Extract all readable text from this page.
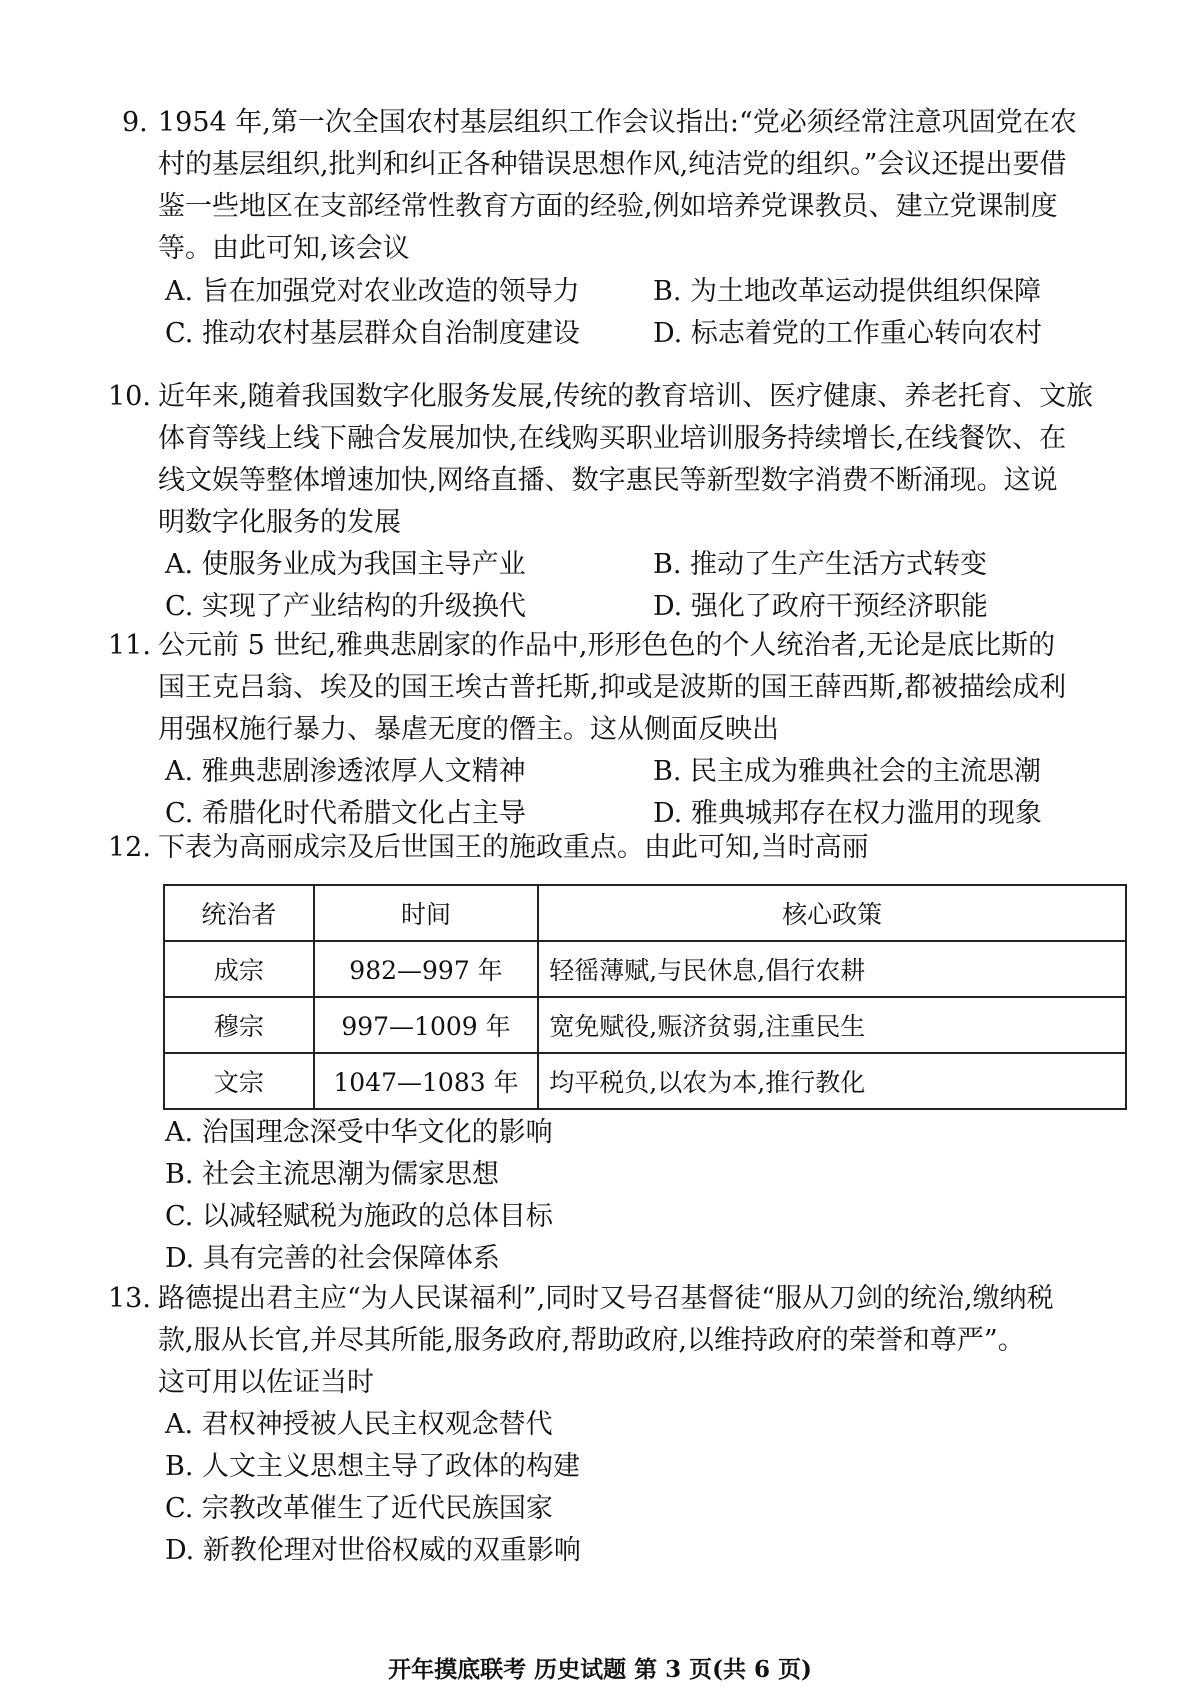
9. 1954 年,第一次全国农村基层组织工作会议指出:“党必须经常注意巩固党在农
村的基层组织,批判和纠正各种错误思想作风,纯洁党的组织。”会议还提出要借
鉴一些地区在支部经常性教育方面的经验,例如培养党课教员、建立党课制度
等。由此可知,该会议
A. 旨在加强党对农业改造的领导力	B. 为土地改革运动提供组织保障
C. 推动农村基层群众自治制度建设	D. 标志着党的工作重心转向农村
10. 近年来,随着我国数字化服务发展,传统的教育培训、医疗健康、养老托育、文旅
体育等线上线下融合发展加快,在线购买职业培训服务持续增长,在线餐饮、在
线文娱等整体增速加快,网络直播、数字惠民等新型数字消费不断涌现。这说
明数字化服务的发展
A. 使服务业成为我国主导产业	B. 推动了生产生活方式转变
C. 实现了产业结构的升级换代	D. 强化了政府干预经济职能
11. 公元前 5 世纪,雅典悲剧家的作品中,形形色色的个人统治者,无论是底比斯的
国王克吕翁、埃及的国王埃古普托斯,抑或是波斯的国王薛西斯,都被描绘成利
用强权施行暴力、暴虐无度的僭主。这从侧面反映出
A. 雅典悲剧渗透浓厚人文精神	B. 民主成为雅典社会的主流思潮
C. 希腊化时代希腊文化占主导	D. 雅典城邦存在权力滥用的现象
12. 下表为高丽成宗及后世国王的施政重点。由此可知,当时高丽
统治者	时间	核心政策
成宗	982—997 年	轻徭薄赋,与民休息,倡行农耕
穆宗	997—1009 年	宽免赋役,赈济贫弱,注重民生
文宗	1047—1083 年	均平税负,以农为本,推行教化
A. 治国理念深受中华文化的影响
B. 社会主流思潮为儒家思想
C. 以减轻赋税为施政的总体目标
D. 具有完善的社会保障体系
13. 路德提出君主应“为人民谋福利”,同时又号召基督徒“服从刀剑的统治,缴纳税
款,服从长官,并尽其所能,服务政府,帮助政府,以维持政府的荣誉和尊严”。
这可用以佐证当时
A. 君权神授被人民主权观念替代
B. 人文主义思想主导了政体的构建
C. 宗教改革催生了近代民族国家
D. 新教伦理对世俗权威的双重影响
开年摸底联考 历史试题 第 3 页(共 6 页)
